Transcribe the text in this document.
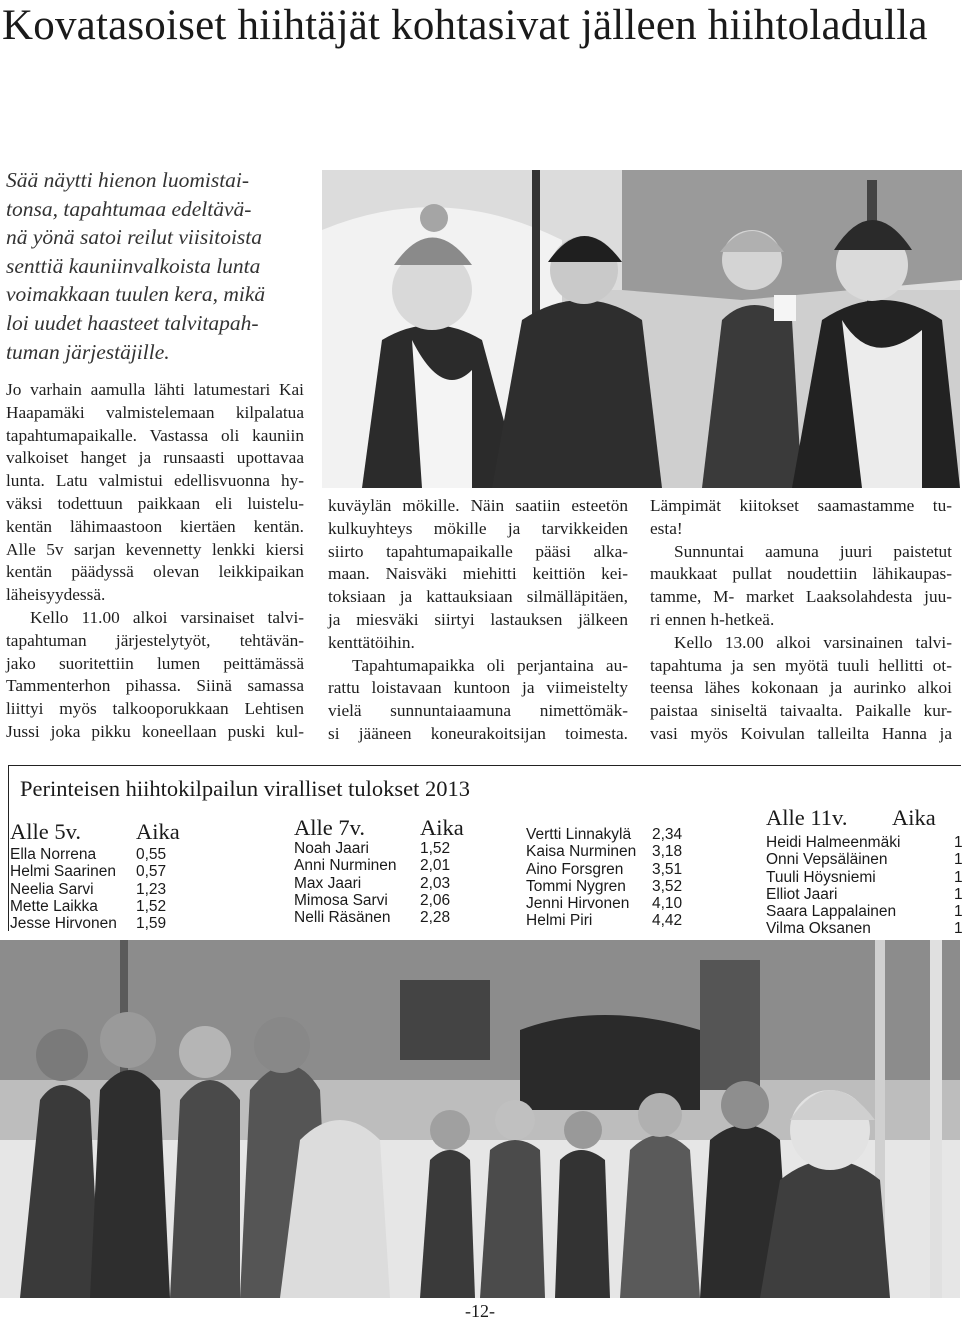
Kovatasoiset hiihtäjät kohtasivat jälleen hiihtoladulla
Sää näytti hienon luomistai-
tonsa, tapahtumaa edeltävä-
nä yönä satoi reilut viisitoista
senttiä kauniinvalkoista lunta
voimakkaan tuulen kera, mikä
loi uudet haasteet talvitapah-
tuman järjestäjille.
Jo varhain aamulla lähti latumestari Kai
Haapamäki valmistelemaan kilpalatua
tapahtumapaikalle. Vastassa oli kauniin
valkoiset hanget ja runsaasti upottavaa
lunta. Latu valmistui edellisvuonna hy-
väksi todettuun paikkaan eli luistelu-
kentän lähimaastoon kiertäen kentän.
Alle 5v sarjan kevennetty lenkki kiersi
kentän päädyssä olevan leikkipaikan
läheisyydessä.
Kello 11.00 alkoi varsinaiset talvi-
tapahtuman järjestelytyöt, tehtävän-
jako suoritettiin lumen peittämässä
Tammenterhon pihassa. Siinä samassa
liittyi myös talkooporukkaan Lehtisen
Jussi joka pikku koneellaan puski kul-
kuväylän mökille. Näin saatiin esteetön
kulkuyhteys mökille ja tarvikkeiden
siirto tapahtumapaikalle pääsi alka-
maan. Naisväki miehitti keittiön kei-
toksiaan ja kattauksiaan silmälläpitäen,
ja miesväki siirtyi lastauksen jälkeen
kenttätöihin.
Tapahtumapaikka oli perjantaina au-
rattu loistavaan kuntoon ja viimeistelty
vielä sunnuntaiaamuna nimettömäk-
si jääneen koneurakoitsijan toimesta.
Lämpimät kiitokset saamastamme tu-
esta!
Sunnuntai aamuna juuri paistetut
maukkaat pullat noudettiin lähikaupas-
tamme, M- market Laaksolahdesta juu-
ri ennen h-hetkeä.
Kello 13.00 alkoi varsinainen talvi-
tapahtuma ja sen myötä tuuli hellitti ot-
teensa lähes kokonaan ja aurinko alkoi
paistaa siniseltä taivaalta. Paikalle kur-
vasi myös Koivulan talleilta Hanna ja
Perinteisen hiihtokilpailun viralliset tulokset 2013
Alle 5v. Aika
Ella Norrena	0,55
Helmi Saarinen 0,57
Neelia Sarvi	1,23
Mette Laikka 1,52
Jesse Hirvonen 1,59
Alle 7v. Aika
Noah Jaari	1,52
Anni Nurminen 2,01
Max Jaari	2,03
Mimosa Sarvi 2,06
Nelli Räsänen 2,28
Vertti Linnakylä 2,34
Kaisa Nurminen 3,18
Aino Forsgren 3,51
Tommi Nygren 3,52
Jenni Hirvonen 4,10
Helmi Piri	4,42
Alle 11v. Aika
Heidi Halmeenmäki	1
Onni Vepsäläinen	1
Tuuli Höysniemi	1
Elliot Jaari	1
Saara Lappalainen	1
Vilma Oksanen	1
-12-
